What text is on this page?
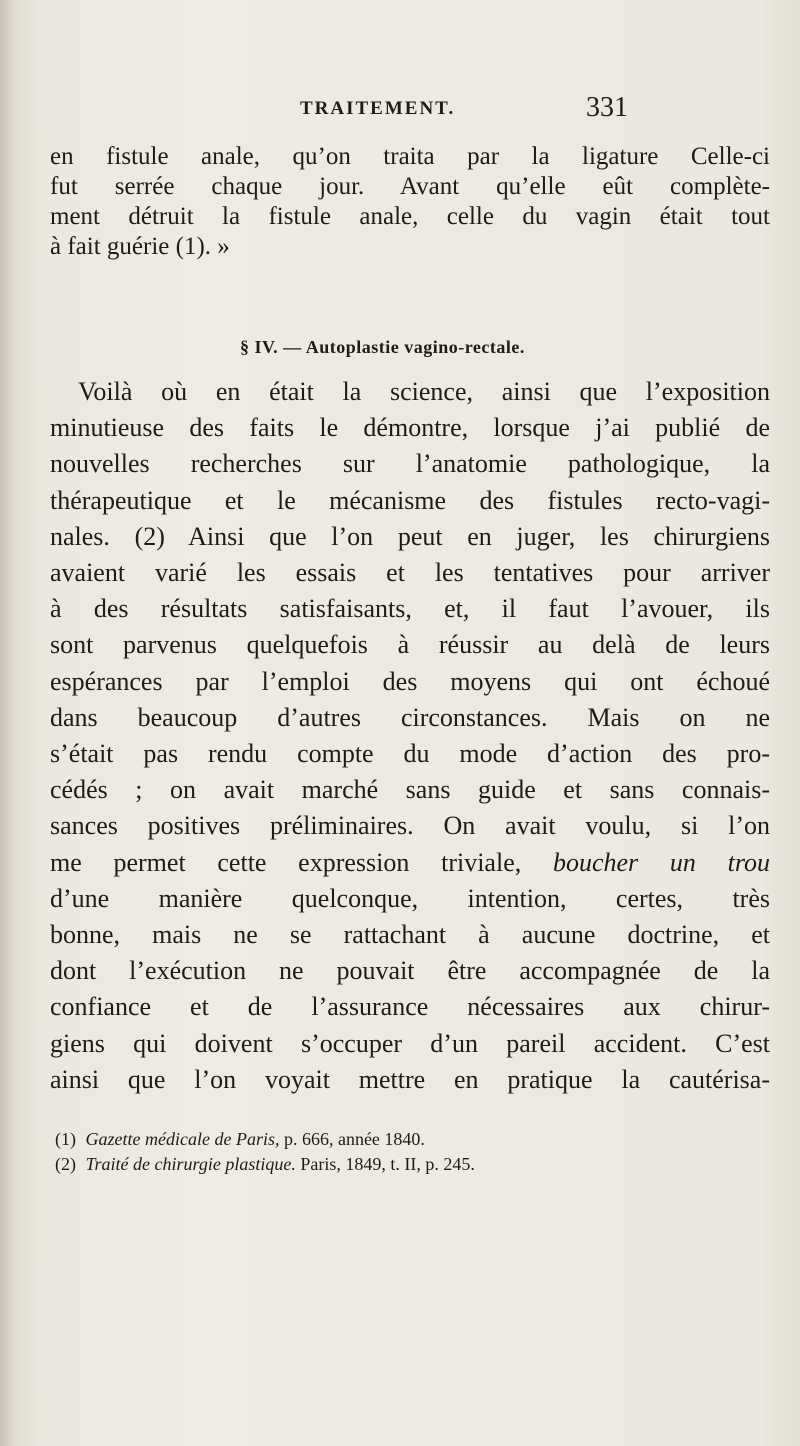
TRAITEMENT.	331
en fistule anale, qu’on traita par la ligature Celle-ci
fut serrée chaque jour. Avant qu’elle eût complète-
ment détruit la fistule anale, celle du vagin était tout
à fait guérie (1). »
§ IV. — Autoplastie vagino-rectale.
Voilà où en était la science, ainsi que l’exposition
minutieuse des faits le démontre, lorsque j’ai publié de
nouvelles recherches sur l’anatomie pathologique, la
thérapeutique et le mécanisme des fistules recto-vagi-
nales. (2) Ainsi que l’on peut en juger, les chirurgiens
avaient varié les essais et les tentatives pour arriver
à des résultats satisfaisants, et, il faut l’avouer, ils
sont parvenus quelquefois à réussir au delà de leurs
espérances par l’emploi des moyens qui ont échoué
dans beaucoup d’autres circonstances. Mais on ne
s’était pas rendu compte du mode d’action des pro-
cédés ; on avait marché sans guide et sans connais-
sances positives préliminaires. On avait voulu, si l’on
me permet cette expression triviale, boucher un trou
d’une manière quelconque, intention, certes, très
bonne, mais ne se rattachant à aucune doctrine, et
dont l’exécution ne pouvait être accompagnée de la
confiance et de l’assurance nécessaires aux chirur-
giens qui doivent s’occuper d’un pareil accident. C’est
ainsi que l’on voyait mettre en pratique la cautérisa-
(1) Gazette médicale de Paris, p. 666, année 1840.
(2) Traité de chirurgie plastique. Paris, 1849, t. II, p. 245.
